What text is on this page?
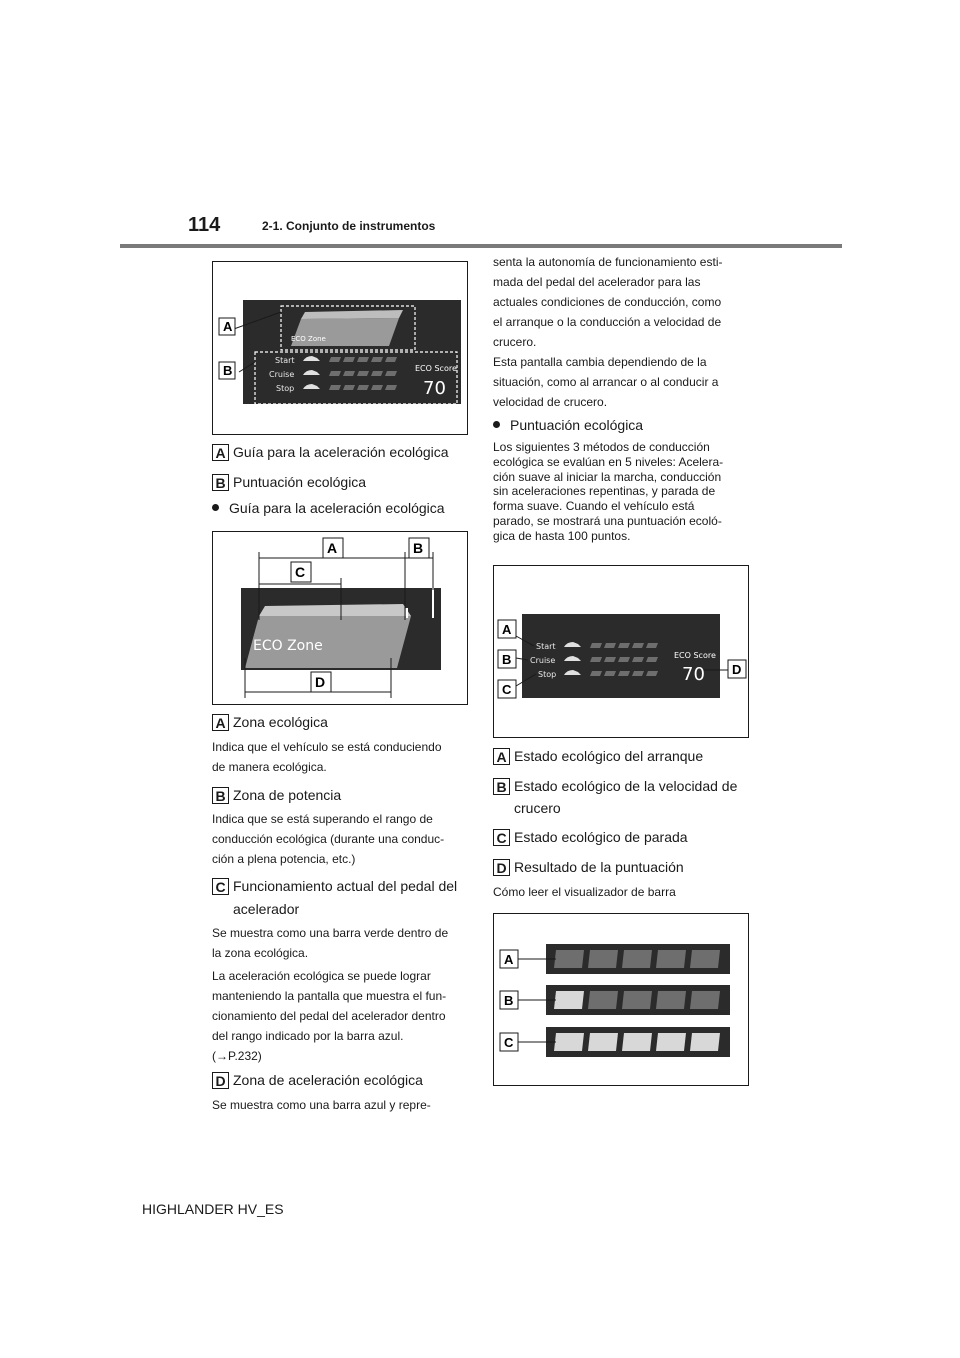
114	2-1. Conjunto de instrumentos
ECO Zone
Start
Cruise
Stop
ECO Score
70
A
B
A Guía para la aceleración ecológica
B Puntuación ecológica
Guía para la aceleración ecológica
ECO Zone
A	B
C
D
A Zona ecológica
Indica que el vehículo se está conduciendo
de manera ecológica.
B Zona de potencia
Indica que se está superando el rango de
conducción ecológica (durante una conduc-
ción a plena potencia, etc.)
C Funcionamiento actual del pedal del
acelerador
Se muestra como una barra verde dentro de
la zona ecológica.
La aceleración ecológica se puede lograr
manteniendo la pantalla que muestra el fun-
cionamiento del pedal del acelerador dentro
del rango indicado por la barra azul.
(→P.232)
D Zona de aceleración ecológica
Se muestra como una barra azul y repre-
senta la autonomía de funcionamiento esti-
mada del pedal del acelerador para las
actuales condiciones de conducción, como
el arranque o la conducción a velocidad de
crucero.
Esta pantalla cambia dependiendo de la
situación, como al arrancar o al conducir a
velocidad de crucero.
Puntuación ecológica
Los siguientes 3 métodos de conducción
ecológica se evalúan en 5 niveles: Acelera-
ción suave al iniciar la marcha, conducción
sin aceleraciones repentinas, y parada de
forma suave. Cuando el vehículo está
parado, se mostrará una puntuación ecoló-
gica de hasta 100 puntos.
Start
Cruise
Stop
ECO Score
70
A
B
C
D
A Estado ecológico del arranque
B Estado ecológico de la velocidad de
crucero
C Estado ecológico de parada
D Resultado de la puntuación
Cómo leer el visualizador de barra
A
B
C
HIGHLANDER HV_ES
